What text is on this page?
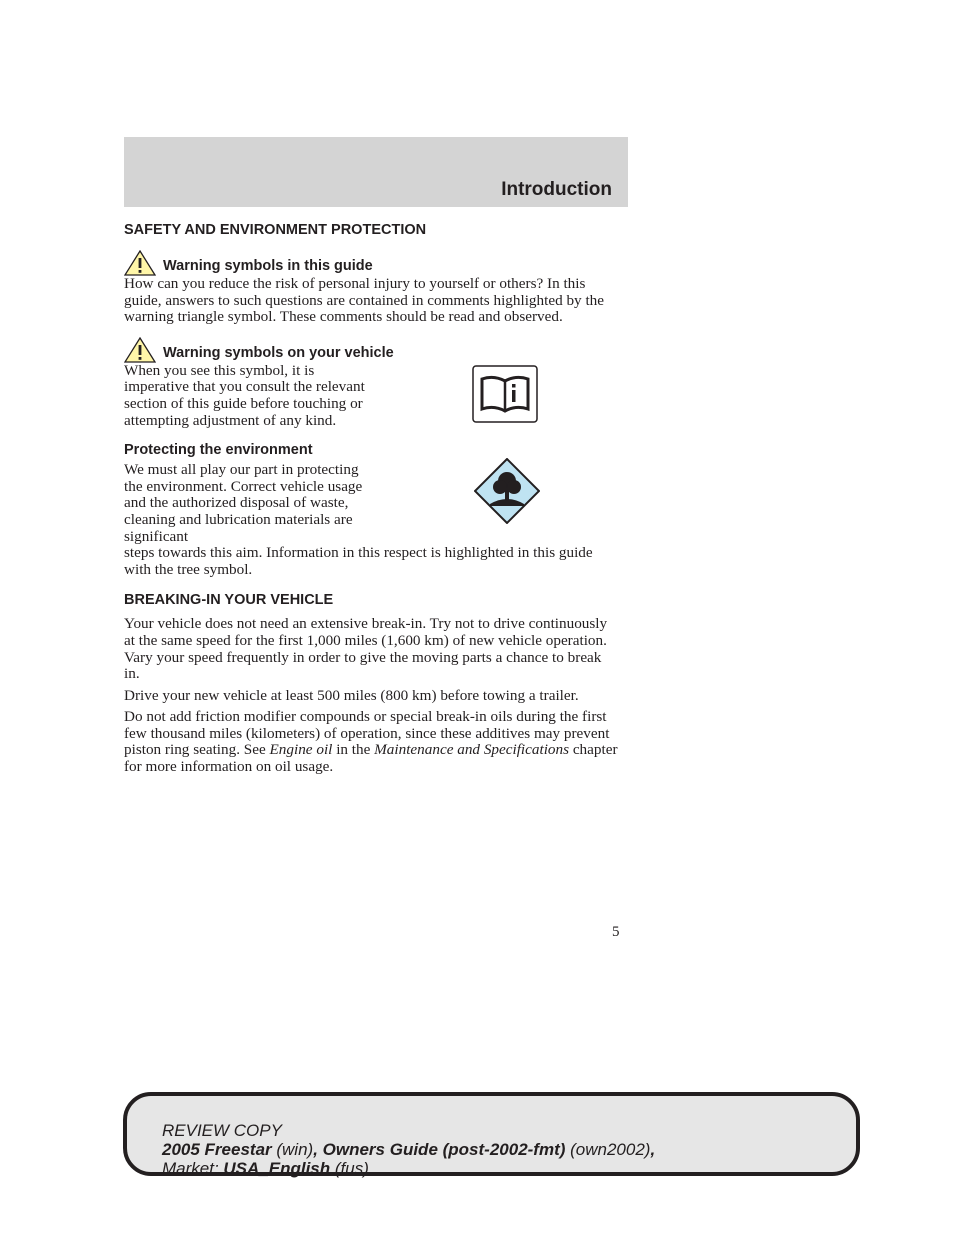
Introduction
SAFETY AND ENVIRONMENT PROTECTION
Warning symbols in this guide

How can you reduce the risk of personal injury to yourself or others? In this guide, answers to such questions are contained in comments highlighted by the warning triangle symbol. These comments should be read and observed.

Warning symbols on your vehicle

When you see this symbol, it is imperative that you consult the relevant section of this guide before touching or attempting adjustment of any kind.

Protecting the environment

We must all play our part in protecting the environment. Correct vehicle usage and the authorized disposal of waste, cleaning and lubrication materials are significant

steps towards this aim. Information in this respect is highlighted in this guide with the tree symbol.

BREAKING-IN YOUR VEHICLE

Your vehicle does not need an extensive break-in. Try not to drive continuously at the same speed for the first 1,000 miles (1,600 km) of new vehicle operation. Vary your speed frequently in order to give the moving parts a chance to break in.

Drive your new vehicle at least 500 miles (800 km) before towing a trailer.

Do not add friction modifier compounds or special break-in oils during the first few thousand miles (kilometers) of operation, since these additives may prevent piston ring seating. See Engine oil in the Maintenance and Specifications chapter for more information on oil usage.

5
REVIEW COPY
2005 Freestar (win), Owners Guide (post-2002-fmt) (own2002),
Market: USA_English (fus)
